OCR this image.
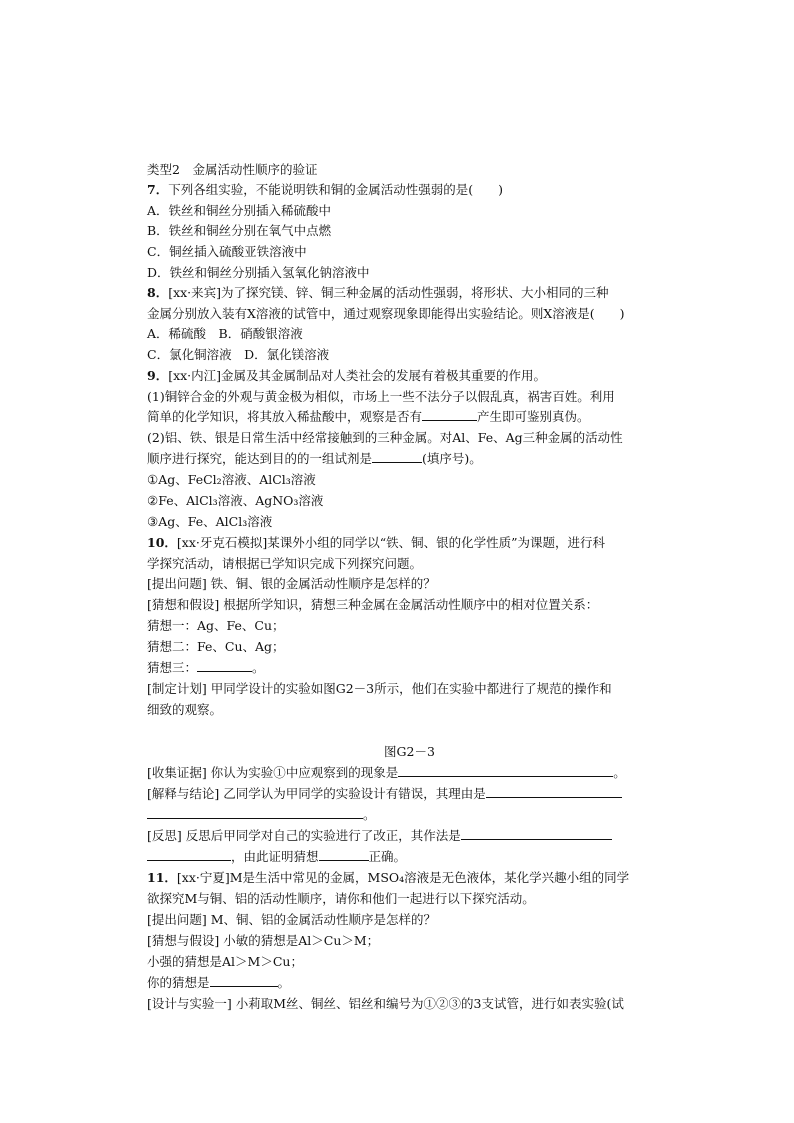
类型2　金属活动性顺序的验证
7．下列各组实验，不能说明铁和铜的金属活动性强弱的是(　　)
A．铁丝和铜丝分别插入稀硫酸中
B．铁丝和铜丝分别在氧气中点燃
C．铜丝插入硫酸亚铁溶液中
D．铁丝和铜丝分别插入氢氧化钠溶液中
8．[xx·来宾]为了探究镁、锌、铜三种金属的活动性强弱，将形状、大小相同的三种
金属分别放入装有X溶液的试管中，通过观察现象即能得出实验结论。则X溶液是(　　)
A．稀硫酸　B．硝酸银溶液
C．氯化铜溶液　D．氯化镁溶液
9．[xx·内江]金属及其金属制品对人类社会的发展有着极其重要的作用。
(1)铜锌合金的外观与黄金极为相似，市场上一些不法分子以假乱真，祸害百姓。利用
简单的化学知识，将其放入稀盐酸中，观察是否有	产生即可鉴别真伪。
(2)铝、铁、银是日常生活中经常接触到的三种金属。对Al、Fe、Ag三种金属的活动性
顺序进行探究，能达到目的的一组试剂是	(填序号)。
①Ag、FeCl₂溶液、AlCl₃溶液
②Fe、AlCl₃溶液、AgNO₃溶液
③Ag、Fe、AlCl₃溶液
10．[xx·牙克石模拟]某课外小组的同学以“铁、铜、银的化学性质”为课题，进行科
学探究活动，请根据已学知识完成下列探究问题。
[提出问题] 铁、铜、银的金属活动性顺序是怎样的？
[猜想和假设] 根据所学知识，猜想三种金属在金属活动性顺序中的相对位置关系：
猜想一：Ag、Fe、Cu；
猜想二：Fe、Cu、Ag；
猜想三：	。
[制定计划] 甲同学设计的实验如图G2－3所示，他们在实验中都进行了规范的操作和
细致的观察。
图G2－3
[收集证据] 你认为实验①中应观察到的现象是	。
[解释与结论] 乙同学认为甲同学的实验设计有错误，其理由是
。
[反思] 反思后甲同学对自己的实验进行了改正，其作法是
，由此证明猜想	正确。
11．[xx·宁夏]M是生活中常见的金属，MSO₄溶液是无色液体，某化学兴趣小组的同学
欲探究M与铜、铝的活动性顺序，请你和他们一起进行以下探究活动。
[提出问题] M、铜、铝的金属活动性顺序是怎样的？
[猜想与假设] 小敏的猜想是Al＞Cu＞M；
小强的猜想是Al＞M＞Cu；
你的猜想是	。
[设计与实验一] 小莉取M丝、铜丝、铝丝和编号为①②③的3支试管，进行如表实验(试
